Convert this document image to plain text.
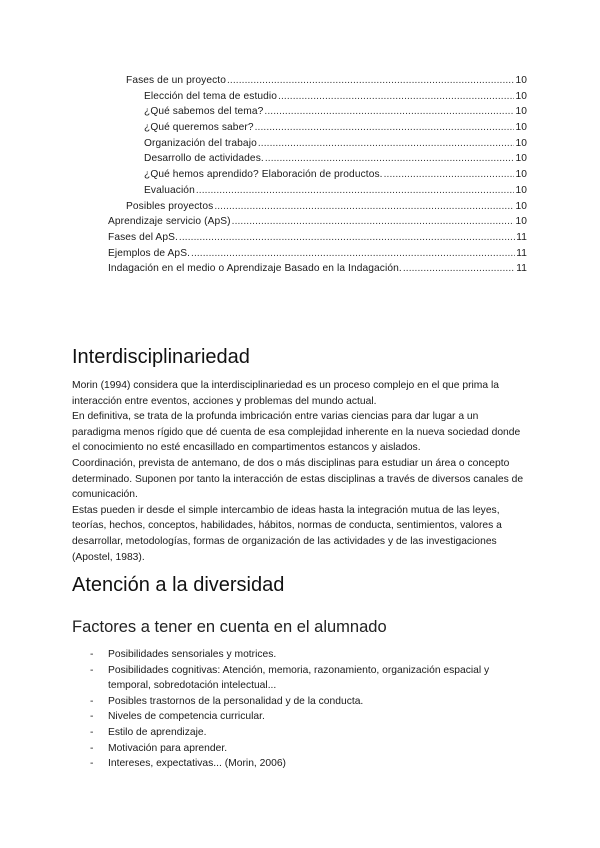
Fases de un proyecto .....	10
Elección del tema de estudio .....	10
¿Qué sabemos del tema? .....	10
¿Qué queremos saber? .....	10
Organización del trabajo .....	10
Desarrollo de actividades. .....	10
¿Qué hemos aprendido? Elaboración de productos. .....	10
Evaluación .....	10
Posibles proyectos .....	10
Aprendizaje servicio (ApS) .....	10
Fases del ApS. .....	11
Ejemplos de ApS. .....	11
Indagación en el medio o Aprendizaje Basado en la Indagación. .....	11
Interdisciplinariedad

Morin (1994) considera que la interdisciplinariedad es un proceso complejo en el que prima la interacción entre eventos, acciones y problemas del mundo actual.

En definitiva, se trata de la profunda imbricación entre varias ciencias para dar lugar a un paradigma menos rígido que dé cuenta de esa complejidad inherente en la nueva sociedad donde el conocimiento no esté encasillado en compartimentos estancos y aislados.

Coordinación, prevista de antemano, de dos o más disciplinas para estudiar un área o concepto determinado. Suponen por tanto la interacción de estas disciplinas a través de diversos canales de comunicación.

Estas pueden ir desde el simple intercambio de ideas hasta la integración mutua de las leyes, teorías, hechos, conceptos, habilidades, hábitos, normas de conducta, sentimientos, valores a desarrollar, metodologías, formas de organización de las actividades y de las investigaciones (Apostel, 1983).

Atención a la diversidad
Factores a tener en cuenta en el alumnado
- Posibilidades sensoriales y motrices.
- Posibilidades cognitivas: Atención, memoria, razonamiento, organización espacial y temporal, sobredotación intelectual...
- Posibles trastornos de la personalidad y de la conducta.
- Niveles de competencia curricular.
- Estilo de aprendizaje.
- Motivación para aprender.
- Intereses, expectativas... (Morin, 2006)
